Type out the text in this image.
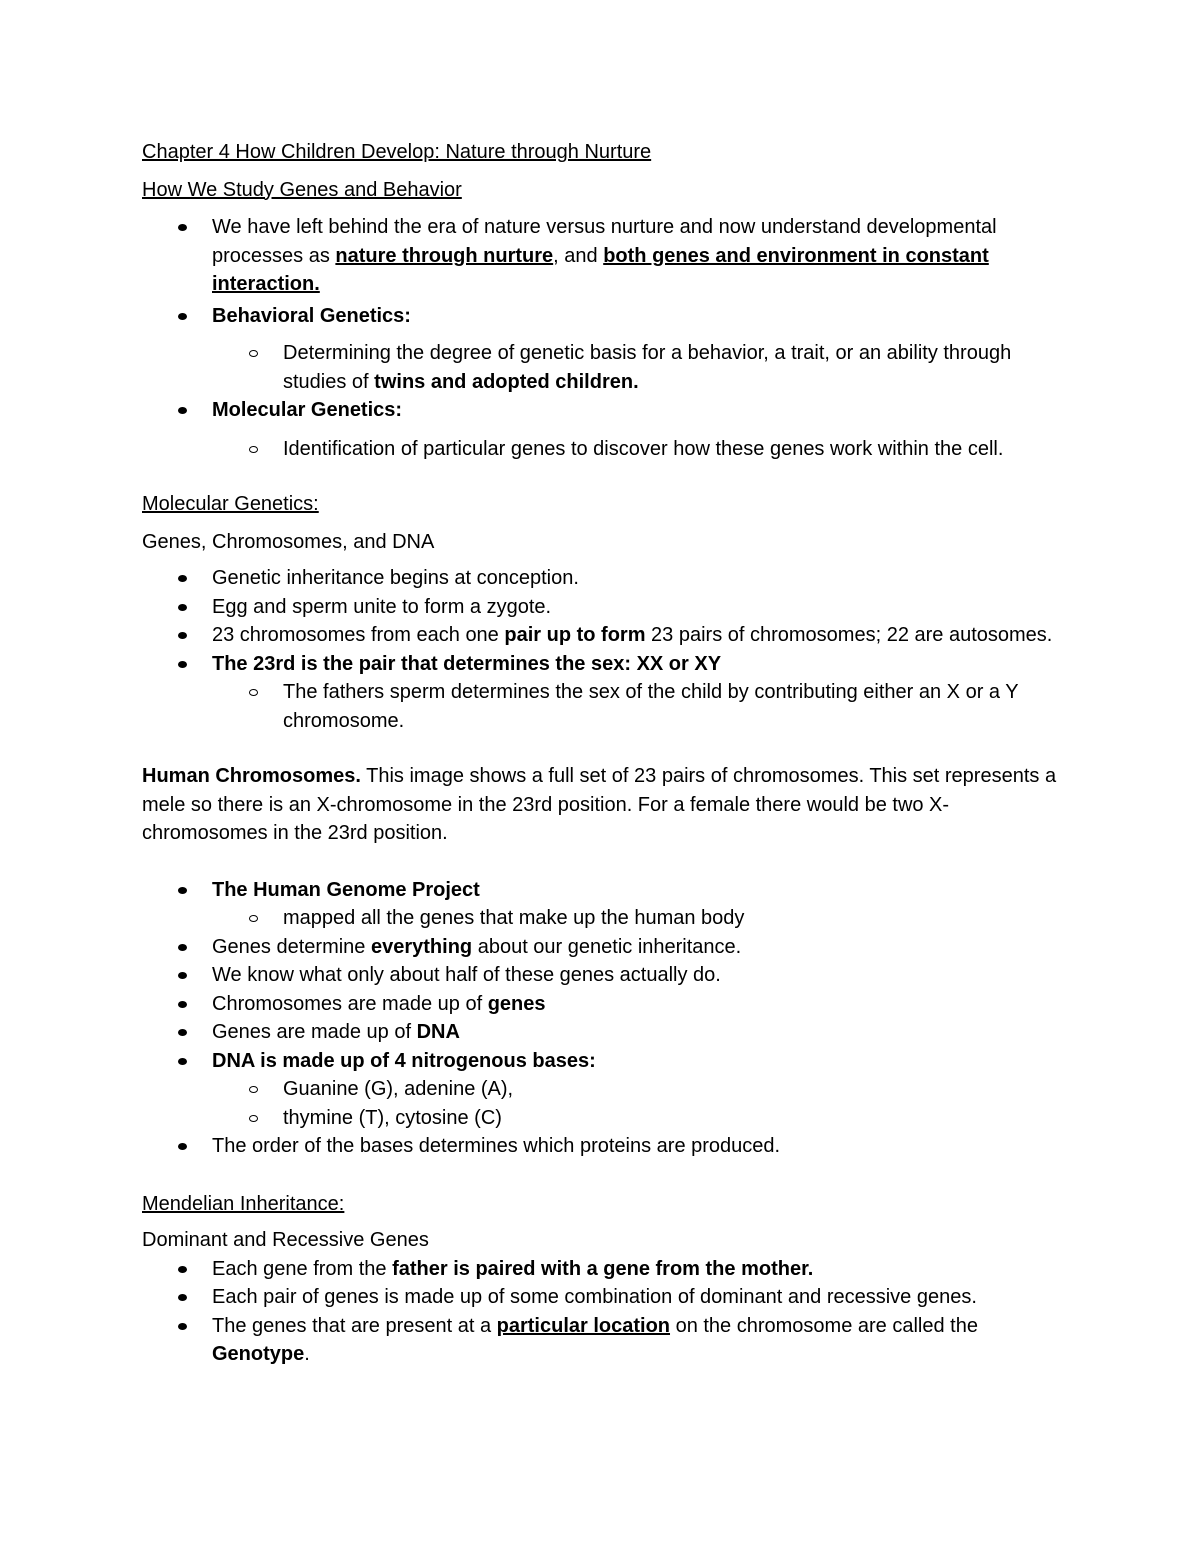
Chapter 4 How Children Develop: Nature through Nurture

How We Study Genes and Behavior

We have left behind the era of nature versus nurture and now understand developmental processes as nature through nurture, and both genes and environment in constant interaction.
Behavioral Genetics:
Determining the degree of genetic basis for a behavior, a trait, or an ability through studies of twins and adopted children.
Molecular Genetics:
Identification of particular genes to discover how these genes work within the cell.

Molecular Genetics:

Genes, Chromosomes, and DNA

Genetic inheritance begins at conception.
Egg and sperm unite to form a zygote.
23 chromosomes from each one pair up to form 23 pairs of chromosomes; 22 are autosomes.
The 23rd is the pair that determines the sex: XX or XY
The fathers sperm determines the sex of the child by contributing either an X or a Y chromosome.

Human Chromosomes. This image shows a full set of 23 pairs of chromosomes. This set represents a mele so there is an X-chromosome in the 23rd position. For a female there would be two X-chromosomes in the 23rd position.

The Human Genome Project
mapped all the genes that make up the human body
Genes determine everything about our genetic inheritance.
We know what only about half of these genes actually do.
Chromosomes are made up of genes
Genes are made up of DNA
DNA is made up of 4 nitrogenous bases:
Guanine (G), adenine (A),
thymine (T), cytosine (C)
The order of the bases determines which proteins are produced.

Mendelian Inheritance:

Dominant and Recessive Genes

Each gene from the father is paired with a gene from the mother.
Each pair of genes is made up of some combination of dominant and recessive genes.
The genes that are present at a particular location on the chromosome are called the Genotype.
